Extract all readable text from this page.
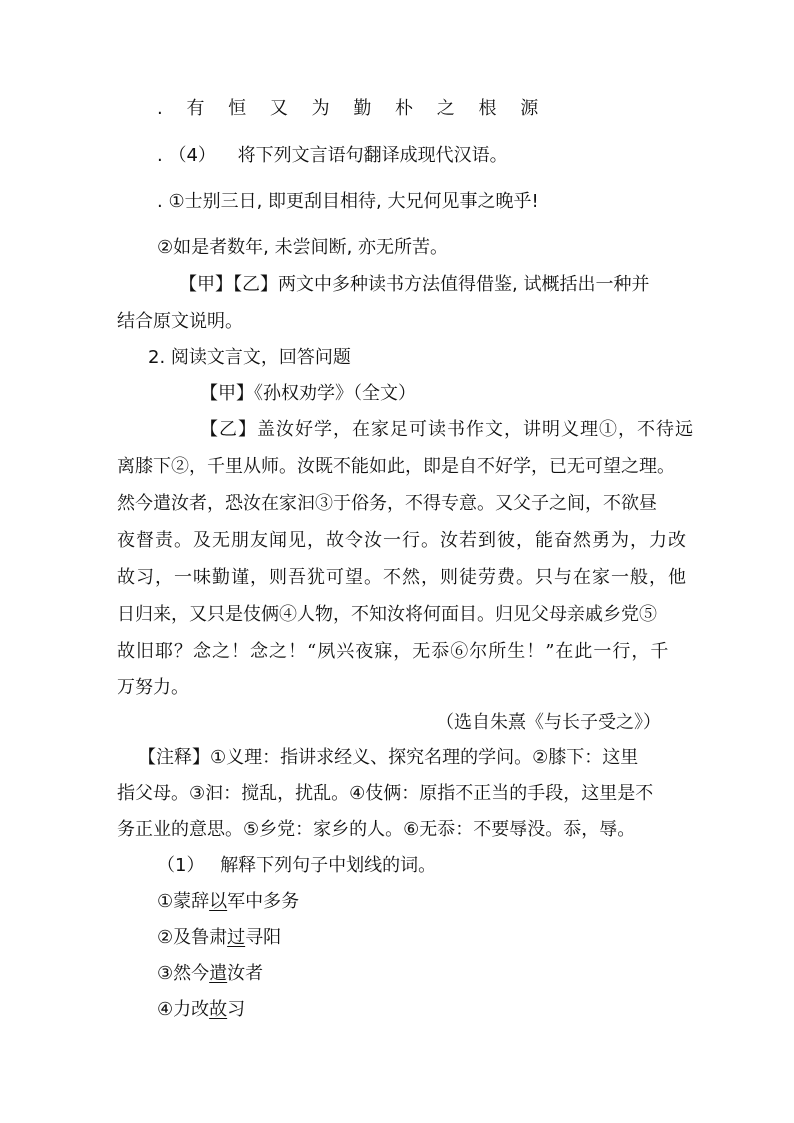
. 有 恒 又 为 勤 朴 之 根 源
. （4） 将下列文言语句翻译成现代汉语。
. ①士别三日, 即更刮目相待, 大兄何见事之晚乎!
②如是者数年, 未尝间断, 亦无所苦。
【甲】【乙】两文中多种读书方法值得借鉴, 试概括出一种并
结合原文说明。
2. 阅读文言文，回答问题
【甲】《孙权劝学》（全文）
【乙】盖汝好学，在家足可读书作文，讲明义理①，不待远
离膝下②，千里从师。汝既不能如此，即是自不好学，已无可望之理。
然今遣汝者，恐汝在家汩③于俗务，不得专意。又父子之间，不欲昼
夜督责。及无朋友闻见，故令汝一行。汝若到彼，能奋然勇为，力改
故习，一味勤谨，则吾犹可望。不然，则徒劳费。只与在家一般，他
日归来，又只是伎俩④人物，不知汝将何面目。归见父母亲戚乡党⑤
故旧耶？念之！念之！“夙兴夜寐，无忝⑥尔所生！”在此一行，千
万努力。
（选自朱熹《与长子受之》）
【注释】①义理：指讲求经义、探究名理的学问。②膝下：这里
指父母。③汩：搅乱，扰乱。④伎俩：原指不正当的手段，这里是不
务正业的意思。⑤乡党：家乡的人。⑥无忝：不要辱没。忝，辱。
（1） 解释下列句子中划线的词。
①蒙辞以军中多务
②及鲁肃过寻阳
③然今遣汝者
④力改故习
